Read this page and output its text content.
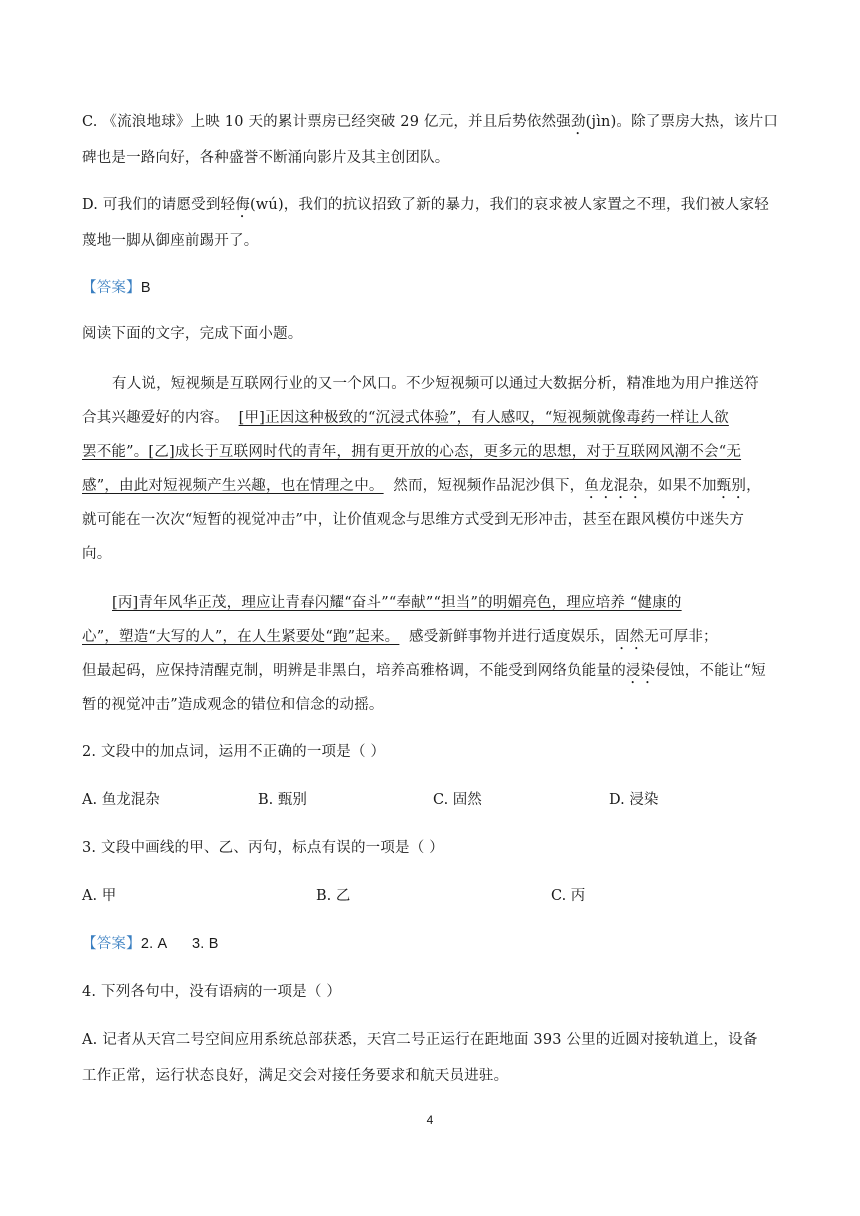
C. 《流浪地球》上映 10 天的累计票房已经突破 29 亿元，并且后势依然强劲(jìn)。除了票房大热，该片口
碑也是一路向好，各种盛誉不断涌向影片及其主创团队。
D. 可我们的请愿受到轻侮(wú)，我们的抗议招致了新的暴力，我们的哀求被人家置之不理，我们被人家轻
蔑地一脚从御座前踢开了。
【答案】B
阅读下面的文字，完成下面小题。
有人说，短视频是互联网行业的又一个风口。不少短视频可以通过大数据分析，精准地为用户推送符
合其兴趣爱好的内容。 [甲]正因这种极致的“沉浸式体验”，有人感叹，“短视频就像毒药一样让人欲
罢不能”。[乙]成长于互联网时代的青年，拥有更开放的心态，更多元的思想，对于互联网风潮不会“无
感”，由此对短视频产生兴趣，也在情理之中。 然而，短视频作品泥沙俱下，鱼龙混杂，如果不加甄别，
就可能在一次次“短暂的视觉冲击”中，让价值观念与思维方式受到无形冲击，甚至在跟风模仿中迷失方
向。
[丙]青年风华正茂，理应让青春闪耀“奋斗”“奉献”“担当”的明媚亮色，理应培养 “健康的
心”，塑造“大写的人”，在人生紧要处“跑”起来。 感受新鲜事物并进行适度娱乐，固然无可厚非；
但最起码，应保持清醒克制，明辨是非黑白，培养高雅格调，不能受到网络负能量的浸染侵蚀，不能让“短
暂的视觉冲击”造成观念的错位和信念的动摇。
2. 文段中的加点词，运用不正确的一项是（ ）
A. 鱼龙混杂	B. 甄别	C. 固然	D. 浸染
3. 文段中画线的甲、乙、丙句，标点有误的一项是（ ）
A. 甲	B. 乙	C. 丙
【答案】2. A      3. B
4. 下列各句中，没有语病的一项是（ ）
A. 记者从天宫二号空间应用系统总部获悉，天宫二号正运行在距地面 393 公里的近圆对接轨道上，设备
工作正常，运行状态良好，满足交会对接任务要求和航天员进驻。
4
